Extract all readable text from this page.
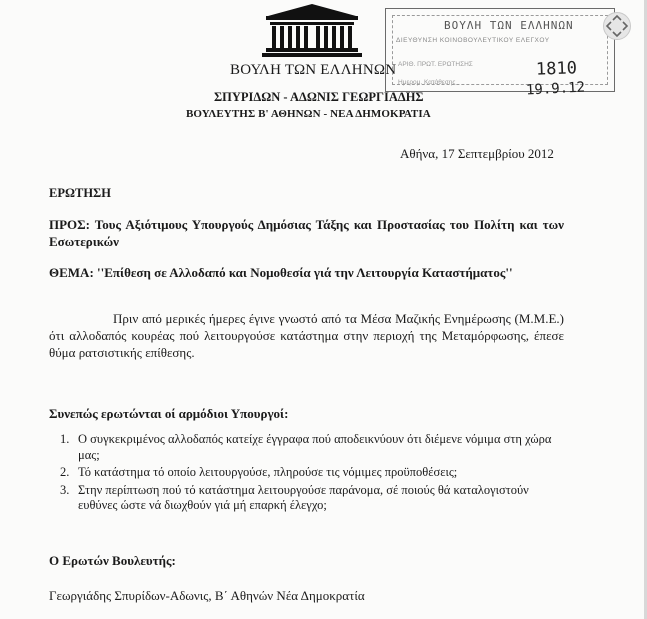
ΒΟΥΛΗ ΤΩΝ ΕΛΛΗΝΩΝ
ΣΠΥΡΙΔΩΝ - ΑΔΩΝΙΣ ΓΕΩΡΓΙΑΔΗΣ
ΒΟΥΛΕΥΤΗΣ Β' ΑΘΗΝΩΝ - ΝΕΑ ΔΗΜΟΚΡΑΤΙΑ
ΒΟΥΛΗ ΤΩΝ ΕΛΛΗΝΩΝ
ΔΙΕΥΘΥΝΣΗ ΚΟΙΝΟΒΟΥΛΕΥΤΙΚΟΥ ΕΛΕΓΧΟΥ
ΑΡΙΘ. ΠΡΩΤ. ΕΡΩΤΗΣΗΣ
Ημερομ. Κατάθεσης
1810
19.9.12
Αθήνα, 17 Σεπτεμβρίου 2012
ΕΡΩΤΗΣΗ
ΠΡΟΣ: Τους Αξιότιμους Υπουργούς Δημόσιας Τάξης και Προστασίας του Πολίτη και των Εσωτερικών
ΘΕΜΑ: ''Επίθεση σε Αλλοδαπό και Νομοθεσία γιά την Λειτουργία Καταστήματος''
Πριν από μερικές ήμερες έγινε γνωστό από τα Μέσα Μαζικής Ενημέρωσης (Μ.Μ.Ε.) ότι αλλοδαπός κουρέας πού λειτουργούσε κατάστημα στην περιοχή της Μεταμόρφωσης, έπεσε θύμα ρατσιστικής επίθεσης.
Συνεπώς ερωτώνται οί αρμόδιοι Υπουργοί:
1. Ο συγκεκριμένος αλλοδαπός κατείχε έγγραφα πού αποδεικνύουν ότι διέμενε νόμιμα στη χώρα μας;
2. Τό κατάστημα τό οποίο λειτουργούσε, πληρούσε τις νόμιμες προϋποθέσεις;
3. Στην περίπτωση πού τό κατάστημα λειτουργούσε παράνομα, σέ ποιούς θά καταλογιστούν ευθύνες ώστε νά διωχθούν γιά μή επαρκή έλεγχο;
Ο Ερωτών Βουλευτής:
Γεωργιάδης Σπυρίδων-Αδωνις, Β΄ Αθηνών Νέα Δημοκρατία
